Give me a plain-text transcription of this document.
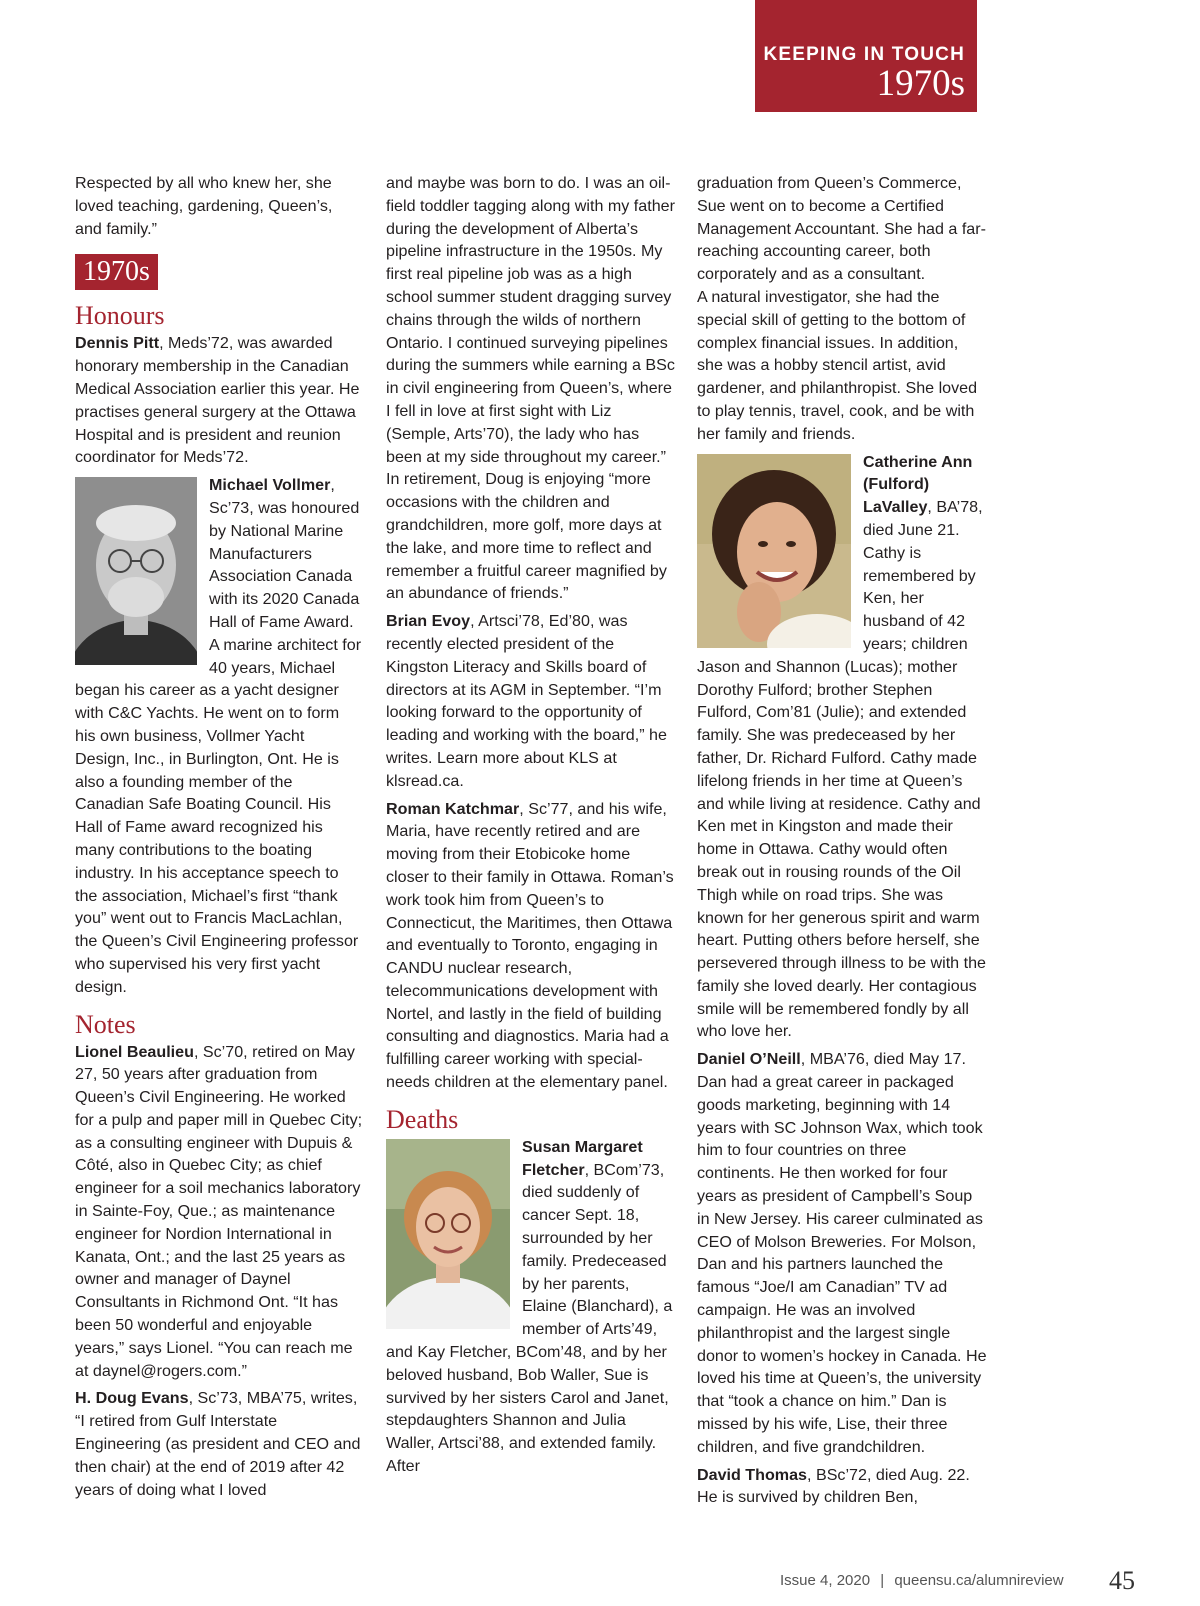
KEEPING IN TOUCH
1970s

Respected by all who knew her, she loved teaching, gardening, Queen’s, and family.”

1970s
Honours

Dennis Pitt, Meds’72, was awarded honorary membership in the Canadian Medical Association earlier this year. He practises general surgery at the Ottawa Hospital and is president and reunion coordinator for Meds’72.

Michael Vollmer, Sc’73, was honoured by National Marine Manufacturers Association Canada with its 2020 Canada Hall of Fame Award. A marine architect for 40 years, Michael began his career as a yacht designer with C&C Yachts. He went on to form his own business, Vollmer Yacht Design, Inc., in Burlington, Ont. He is also a founding member of the Canadian Safe Boating Council. His Hall of Fame award recognized his many contributions to the boating industry. In his acceptance speech to the association, Michael’s first “thank you” went out to Francis MacLachlan, the Queen’s Civil Engineering professor who supervised his very first yacht design.

Notes

Lionel Beaulieu, Sc’70, retired on May 27, 50 years after graduation from Queen’s Civil Engineering. He worked for a pulp and paper mill in Quebec City; as a consulting engineer with Dupuis & Côté, also in Quebec City; as chief engineer for a soil mechanics laboratory in Sainte-Foy, Que.; as maintenance engineer for Nordion International in Kanata, Ont.; and the last 25 years as owner and manager of Daynel Consultants in Richmond Ont. “It has been 50 wonderful and enjoyable years,” says Lionel. “You can reach me at daynel@rogers.com.”

H. Doug Evans, Sc’73, MBA’75, writes, “I retired from Gulf Interstate Engineering (as president and CEO and then chair) at the end of 2019 after 42 years of doing what I loved

and maybe was born to do. I was an oil-field toddler tagging along with my father during the development of Alberta’s pipeline infrastructure in the 1950s. My first real pipeline job was as a high school summer student dragging survey chains through the wilds of northern Ontario. I continued surveying pipelines during the summers while earning a BSc in civil engineering from Queen’s, where I fell in love at first sight with Liz (Semple, Arts’70), the lady who has been at my side throughout my career.” In retirement, Doug is enjoying “more occasions with the children and grandchildren, more golf, more days at the lake, and more time to reflect and remember a fruitful career magnified by an abundance of friends.”

Brian Evoy, Artsci’78, Ed’80, was recently elected president of the Kingston Literacy and Skills board of directors at its AGM in September. “I’m looking forward to the opportunity of leading and working with the board,” he writes. Learn more about KLS at klsread.ca.

Roman Katchmar, Sc’77, and his wife, Maria, have recently retired and are moving from their Etobicoke home closer to their family in Ottawa. Roman’s work took him from Queen’s to Connecticut, the Maritimes, then Ottawa and eventually to Toronto, engaging in CANDU nuclear research, telecommunications development with Nortel, and lastly in the field of building consulting and diagnostics. Maria had a fulfilling career working with special-needs children at the elementary panel.

Deaths

Susan Margaret Fletcher, BCom’73, died suddenly of cancer Sept. 18, surrounded by her family. Predeceased by her parents, Elaine (Blanchard), a member of Arts’49, and Kay Fletcher, BCom’48, and by her beloved husband, Bob Waller, Sue is survived by her sisters Carol and Janet, stepdaughters Shannon and Julia Waller, Artsci’88, and extended family. After

graduation from Queen’s Commerce, Sue went on to become a Certified Management Accountant. She had a far-reaching accounting career, both corporately and as a consultant.

A natural investigator, she had the special skill of getting to the bottom of complex financial issues. In addition, she was a hobby stencil artist, avid gardener, and philanthropist. She loved to play tennis, travel, cook, and be with her family and friends.

Catherine Ann (Fulford) LaValley, BA’78, died June 21. Cathy is remembered by Ken, her husband of 42 years; children Jason and Shannon (Lucas); mother Dorothy Fulford; brother Stephen Fulford, Com’81 (Julie); and extended family. She was predeceased by her father, Dr. Richard Fulford. Cathy made lifelong friends in her time at Queen’s and while living at residence. Cathy and Ken met in Kingston and made their home in Ottawa. Cathy would often break out in rousing rounds of the Oil Thigh while on road trips. She was known for her generous spirit and warm heart. Putting others before herself, she persevered through illness to be with the family she loved dearly. Her contagious smile will be remembered fondly by all who love her.

Daniel O’Neill, MBA’76, died May 17. Dan had a great career in packaged goods marketing, beginning with 14 years with SC Johnson Wax, which took him to four countries on three continents. He then worked for four years as president of Campbell’s Soup in New Jersey. His career culminated as CEO of Molson Breweries. For Molson, Dan and his partners launched the famous “Joe/I am Canadian” TV ad campaign. He was an involved philanthropist and the largest single donor to women’s hockey in Canada. He loved his time at Queen’s, the university that “took a chance on him.” Dan is missed by his wife, Lise, their three children, and five grandchildren.

David Thomas, BSc’72, died Aug. 22. He is survived by children Ben,

Issue 4, 2020 | queensu.ca/alumnireview 45
